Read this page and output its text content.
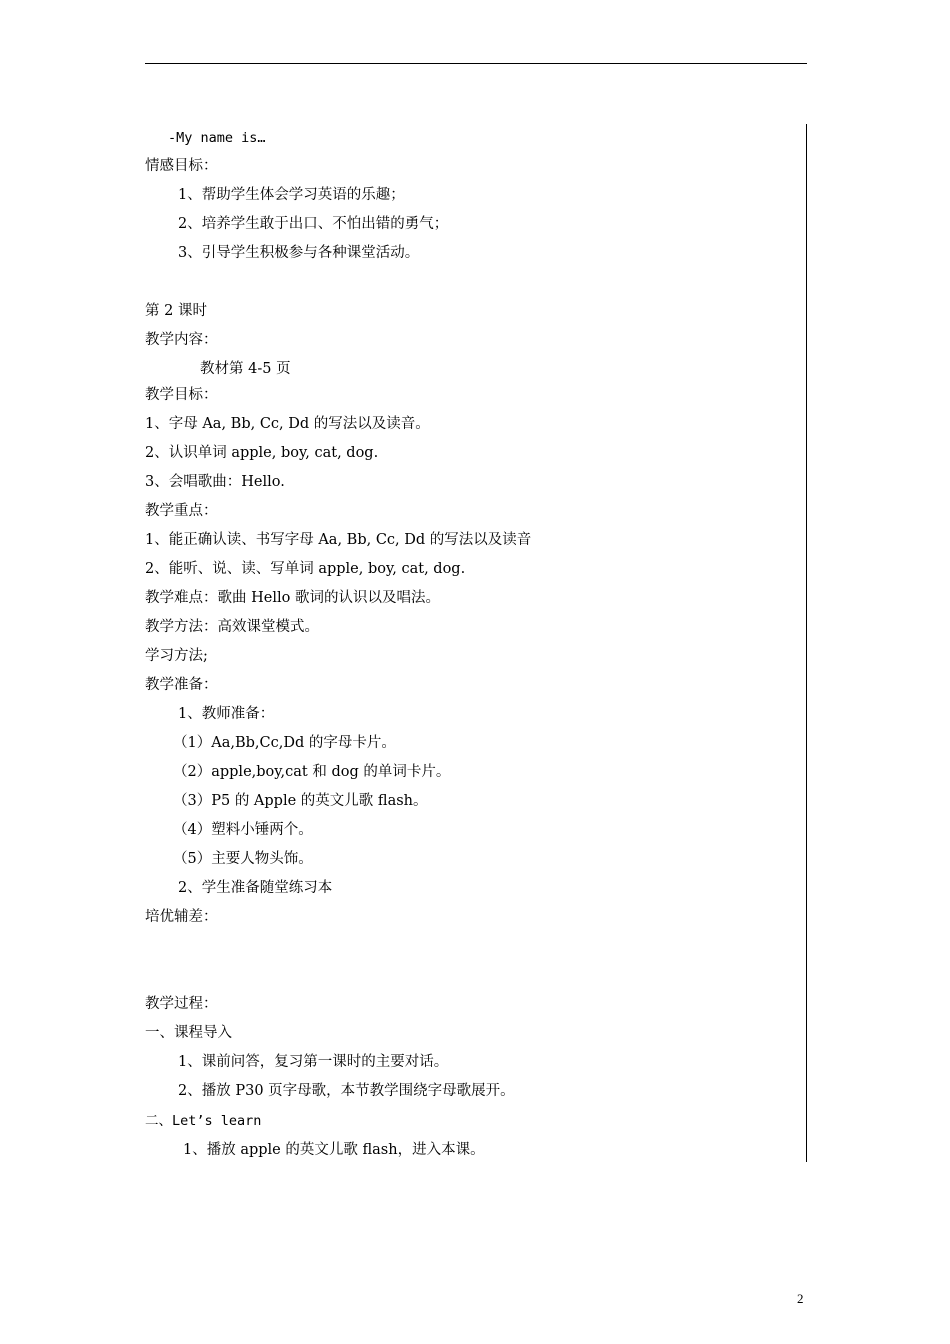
-My name is…
情感目标：
1、帮助学生体会学习英语的乐趣；
2、培养学生敢于出口、不怕出错的勇气；
3、引导学生积极参与各种课堂活动。
第 2 课时
教学内容：
教材第 4-5 页
教学目标：
1、字母 Aa, Bb, Cc, Dd 的写法以及读音。
2、认识单词 apple, boy, cat, dog.
3、会唱歌曲：Hello.
教学重点：
1、能正确认读、书写字母 Aa, Bb, Cc, Dd 的写法以及读音
2、能听、说、读、写单词 apple, boy, cat, dog.
教学难点：歌曲 Hello 歌词的认识以及唱法。
教学方法：高效课堂模式。
学习方法;
教学准备：
1、教师准备：
（1）Aa,Bb,Cc,Dd 的字母卡片。
（2）apple,boy,cat 和 dog 的单词卡片。
（3）P5 的 Apple 的英文儿歌 flash。
（4）塑料小锤两个。
（5）主要人物头饰。
2、学生准备随堂练习本
培优辅差：
教学过程：
一、课程导入
1、课前问答，复习第一课时的主要对话。
2、播放 P30 页字母歌，本节教学围绕字母歌展开。
二、Let’s learn
1、播放 apple 的英文儿歌 flash，进入本课。
2
